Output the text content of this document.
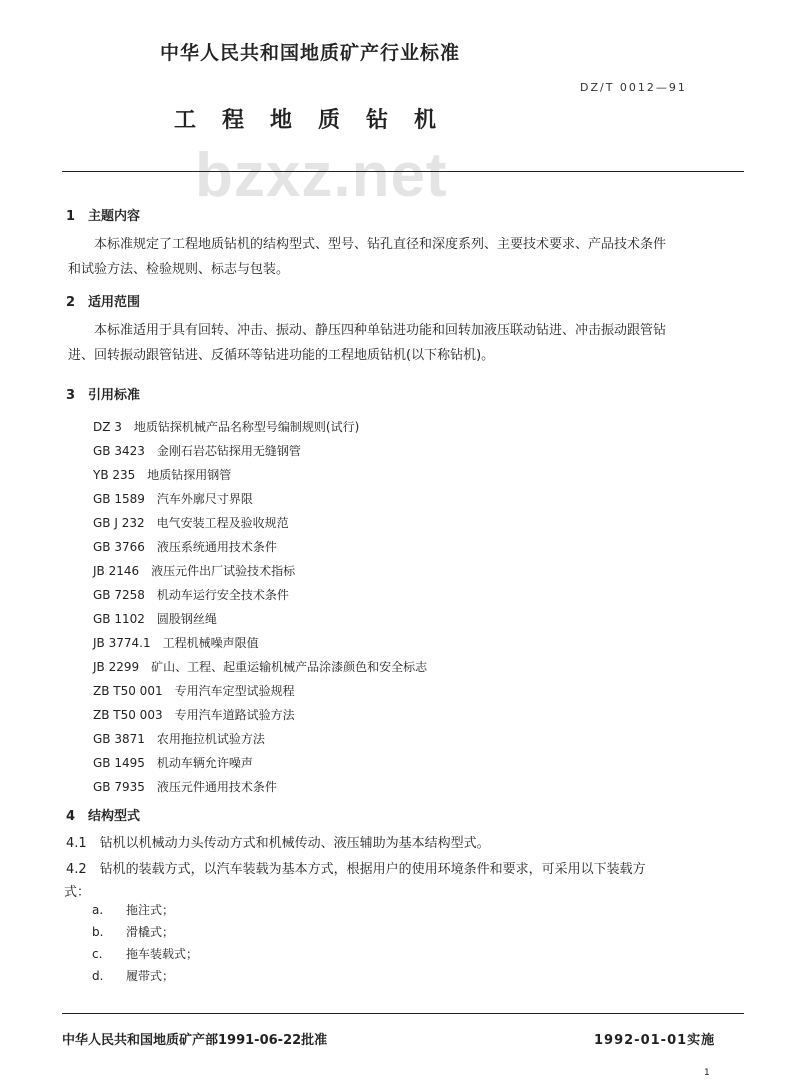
bzxz.net
中华人民共和国地质矿产行业标准
DZ/T 0012—91
工程地质钻机
1　主题内容
本标准规定了工程地质钻机的结构型式、型号、钻孔直径和深度系列、主要技术要求、产品技术条件
和试验方法、检验规则、标志与包装。
2　适用范围
本标准适用于具有回转、冲击、振动、静压四种单钻进功能和回转加液压联动钻进、冲击振动跟管钻
进、回转振动跟管钻进、反循环等钻进功能的工程地质钻机(以下称钻机)。
3　引用标准
DZ 3 地质钻探机械产品名称型号编制规则(试行)
GB 3423 金刚石岩芯钻探用无缝钢管
YB 235 地质钻探用钢管
GB 1589 汽车外廓尺寸界限
GB J 232 电气安装工程及验收规范
GB 3766 液压系统通用技术条件
JB 2146 液压元件出厂试验技术指标
GB 7258 机动车运行安全技术条件
GB 1102 圆股钢丝绳
JB 3774.1 工程机械噪声限值
JB 2299 矿山、工程、起重运输机械产品涂漆颜色和安全标志
ZB T50 001 专用汽车定型试验规程
ZB T50 003 专用汽车道路试验方法
GB 3871 农用拖拉机试验方法
GB 1495 机动车辆允许噪声
GB 7935 液压元件通用技术条件
4　结构型式
4.1　钻机以机械动力头传动方式和机械传动、液压辅助为基本结构型式。
4.2　钻机的装载方式，以汽车装载为基本方式，根据用户的使用环境条件和要求，可采用以下装载方
式：
a. 拖注式；
b. 滑橇式；
c. 拖车装载式；
d. 履带式；
中华人民共和国地质矿产部1991-06-22批准	1992-01-01实施
1
